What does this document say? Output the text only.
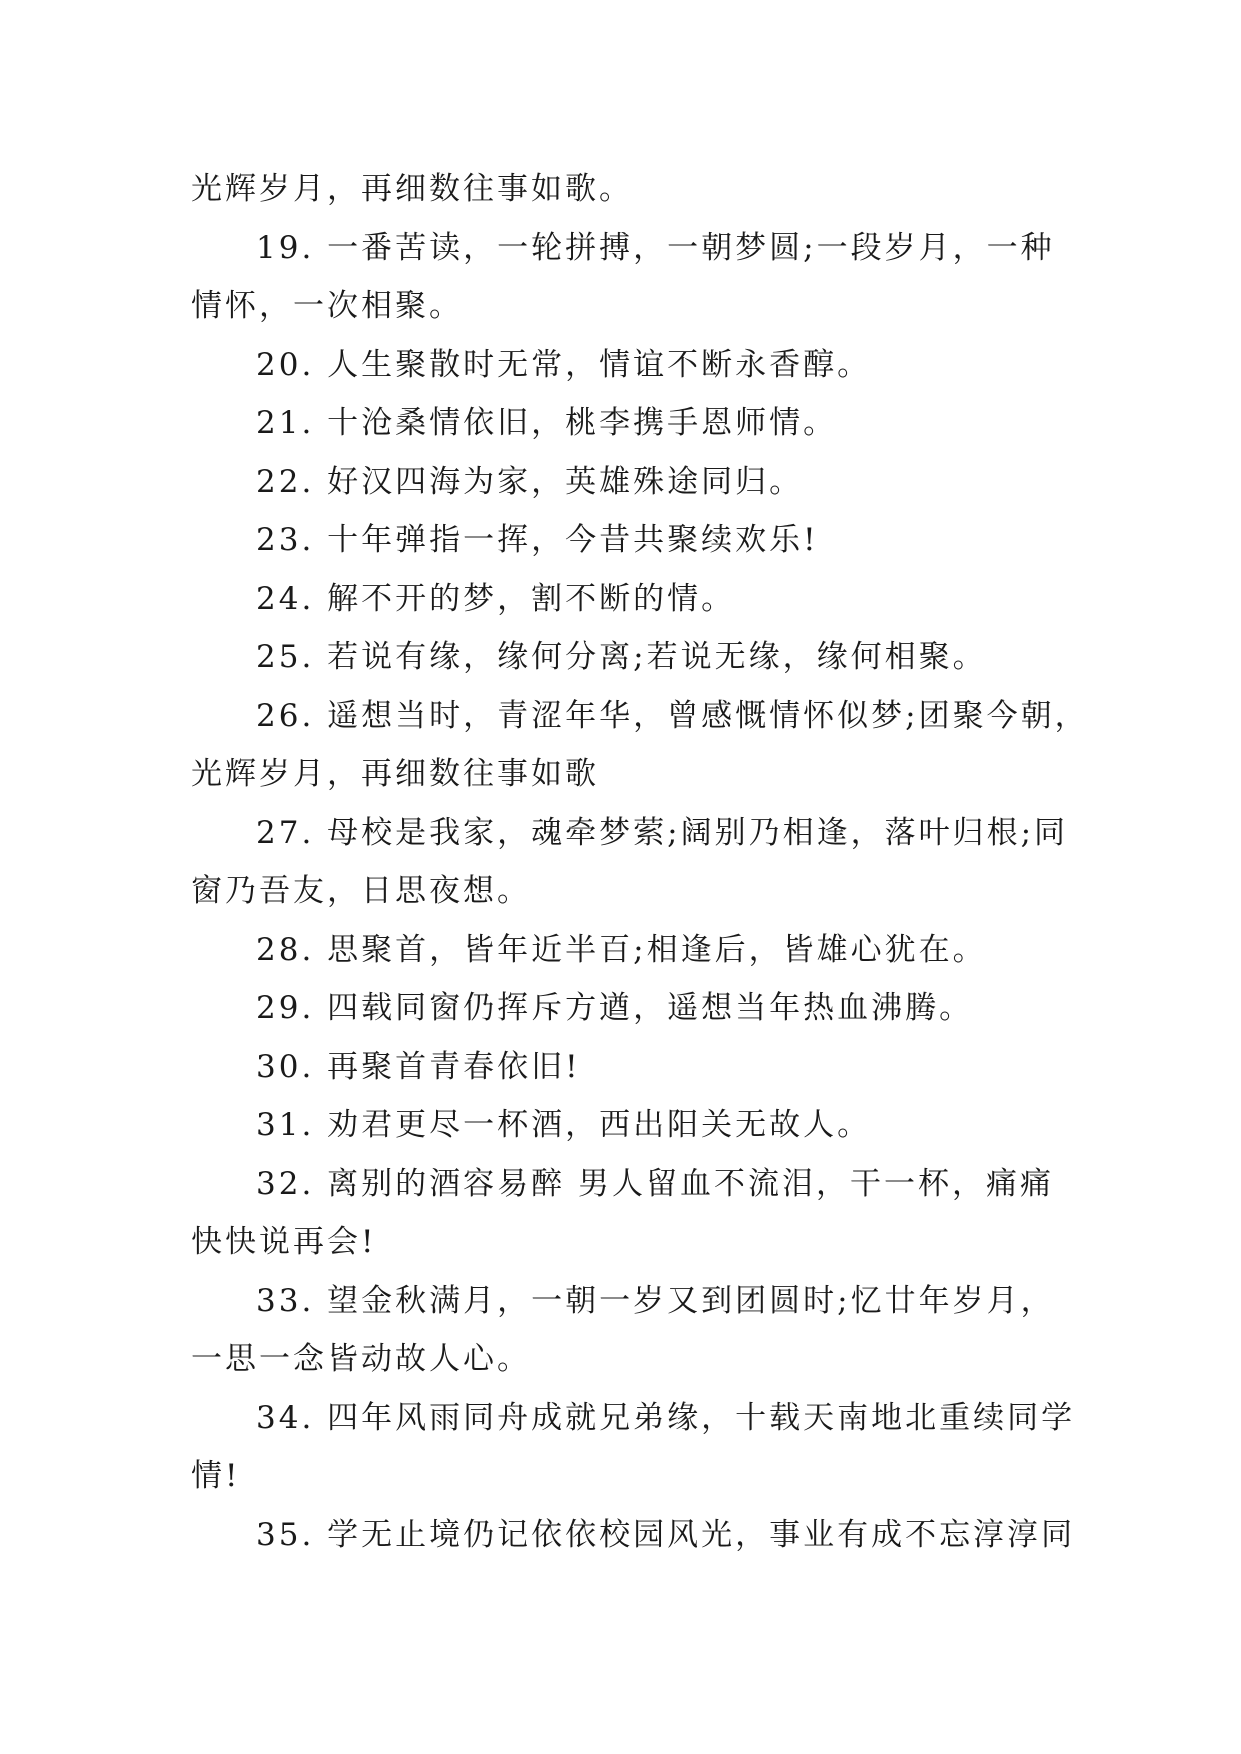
光辉岁月，再细数往事如歌。
19. 一番苦读，一轮拼搏，一朝梦圆;一段岁月，一种
情怀，一次相聚。
20. 人生聚散时无常，情谊不断永香醇。
21. 十沧桑情依旧，桃李携手恩师情。
22. 好汉四海为家，英雄殊途同归。
23. 十年弹指一挥，今昔共聚续欢乐!
24. 解不开的梦，割不断的情。
25. 若说有缘，缘何分离;若说无缘，缘何相聚。
26. 遥想当时，青涩年华，曾感慨情怀似梦;团聚今朝，
光辉岁月，再细数往事如歌
27. 母校是我家，魂牵梦萦;阔别乃相逢，落叶归根;同
窗乃吾友，日思夜想。
28. 思聚首，皆年近半百;相逢后，皆雄心犹在。
29. 四载同窗仍挥斥方遒，遥想当年热血沸腾。
30. 再聚首青春依旧!
31. 劝君更尽一杯酒，西出阳关无故人。
32. 离别的酒容易醉 男人留血不流泪，干一杯，痛痛
快快说再会!
33. 望金秋满月，一朝一岁又到团圆时;忆廿年岁月，
一思一念皆动故人心。
34. 四年风雨同舟成就兄弟缘，十载天南地北重续同学
情!
35. 学无止境仍记依依校园风光，事业有成不忘淳淳同
